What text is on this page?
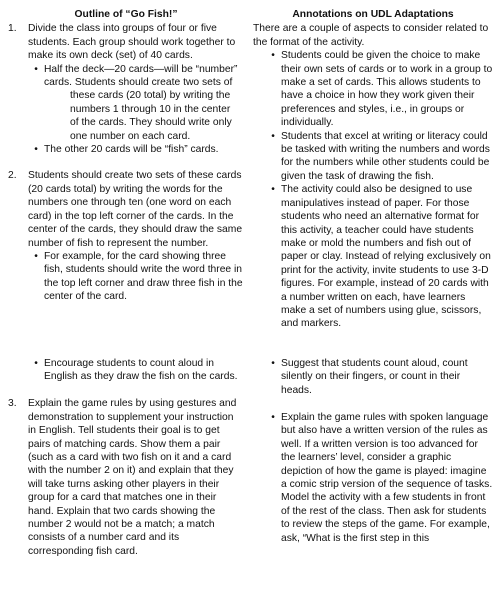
Outline of “Go Fish!”
1.	Divide the class into groups of four or five students. Each group should work together to make its own deck (set) of 40 cards.
• Half the deck—20 cards—will be “number” cards. Students should create two sets of
these cards (20 total) by writing the numbers 1 through 10 in the center of the cards. They should write only one number on each card.
• The other 20 cards will be “fish” cards.
2.	Students should create two sets of these cards (20 cards total) by writing the words for the numbers one through ten (one word on each card) in the top left corner of the cards. In the center of the cards, they should draw the same number of fish to represent the number.
• For example, for the card showing three fish, students should write the word three in the top left corner and draw three fish in the center of the card.
• Encourage students to count aloud in English as they draw the fish on the cards.
3.	Explain the game rules by using gestures and demonstration to supplement your instruction in English. Tell students their goal is to get pairs of matching cards. Show them a pair (such as a card with two fish on it and a card with the number 2 on it) and explain that they will take turns asking other players in their group for a card that matches one in their hand. Explain that two cards showing the number 2 would not be a match; a match consists of a number card and its corresponding fish card.
Annotations on UDL Adaptations

There are a couple of aspects to consider related to the format of the activity.

• Students could be given the choice to make their own sets of cards or to work in a group to make a set of cards. This allows students to have a choice in how they work given their preferences and styles, i.e., in groups or individually.
• Students that excel at writing or literacy could be tasked with writing the numbers and words for the numbers while other students could be given the task of drawing the fish.
• The activity could also be designed to use manipulatives instead of paper. For those students who need an alternative format for this activity, a teacher could have students make or mold the numbers and fish out of paper or clay. Instead of relying exclusively on print for the activity, invite students to use 3-D figures. For example, instead of 20 cards with a number written on each, have learners make a set of numbers using glue, scissors, and markers.
• Suggest that students count aloud, count silently on their fingers, or count in their heads.
• Explain the game rules with spoken language but also have a written version of the rules as well. If a written version is too advanced for the learners’ level, consider a graphic depiction of how the game is played: imagine a comic strip version of the sequence of tasks. Model the activity with a few students in front of the rest of the class. Then ask for students to review the steps of the game. For example, ask, “What is the first step in this
